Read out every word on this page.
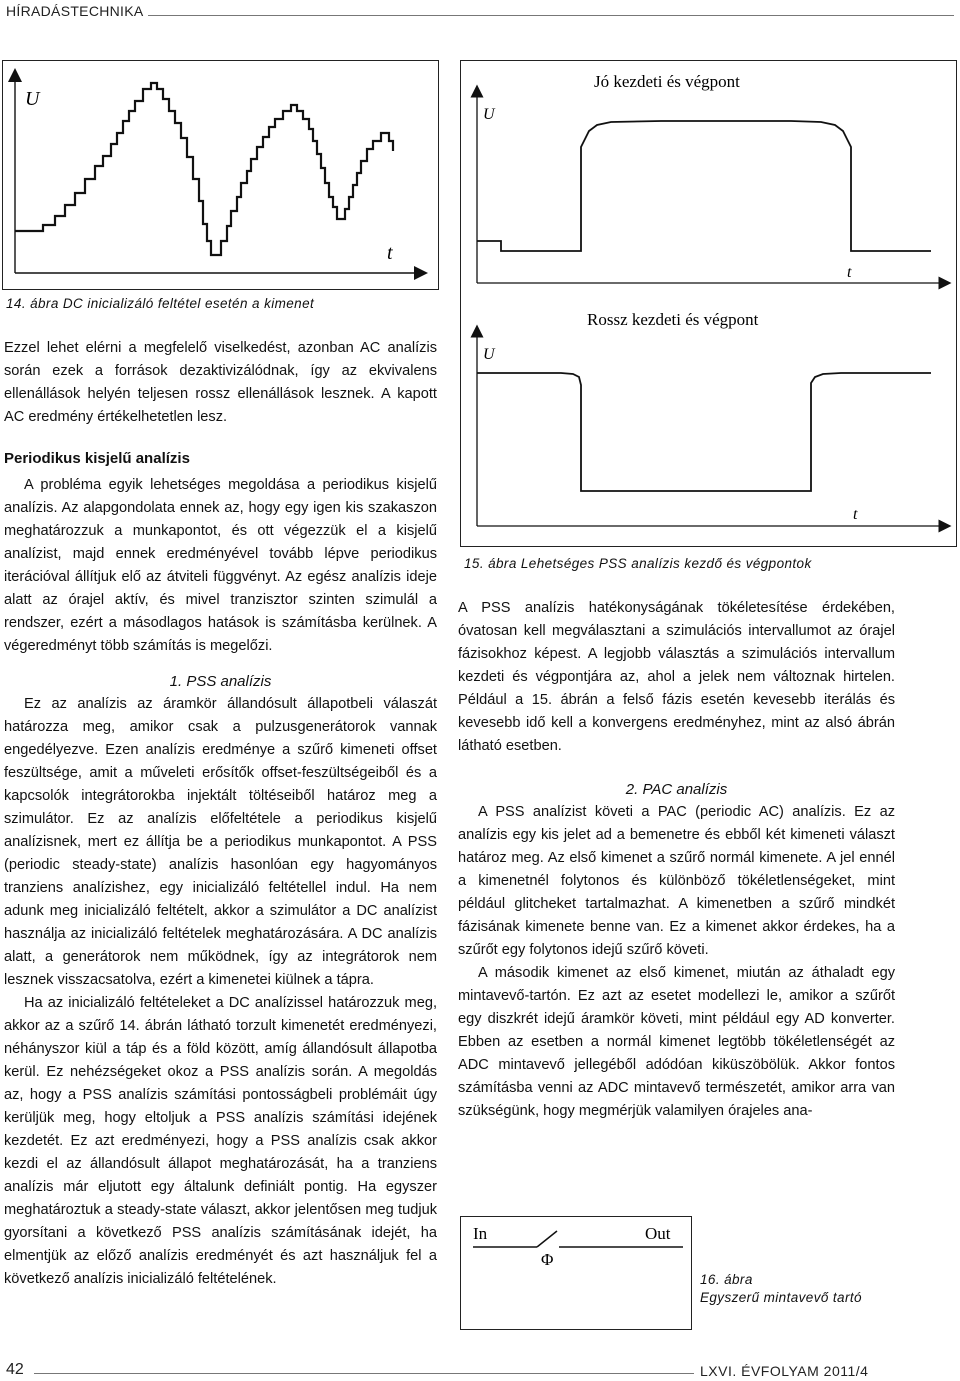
HÍRADÁSTECHNIKA
U
t
14. ábra DC inicializáló feltétel esetén a kimenet

Ezzel lehet elérni a megfelelő viselkedést, azonban AC analízis során ezek a források dezaktivizálódnak, így az ekvivalens ellenállások helyén teljesen rossz ellenállások lesznek. A kapott AC eredmény értékelhetetlen lesz.

Periodikus kisjelű analízis

A probléma egyik lehetséges megoldása a periodikus kisjelű analízis. Az alapgondolata ennek az, hogy egy igen kis szakaszon meghatározzuk a munkapontot, és ott végezzük el a kisjelű analízist, majd ennek eredményével tovább lépve periodikus iterációval állítjuk elő az átviteli függvényt. Az egész analízis ideje alatt az órajel aktív, és mivel tranzisztor szinten szimulál a rendszer, ezért a másodlagos hatások is számításba kerülnek. A végeredményt több számítás is megelőzi.

1. PSS analízis

Ez az analízis az áramkör állandósult állapotbeli válaszát határozza meg, amikor csak a pulzusgenerátorok vannak engedélyezve. Ezen analízis eredménye a szűrő kimeneti offset feszültsége, amit a műveleti erősítők offset-feszültségeiből és a kapcsolók integrátorokba injektált töltéseiből határoz meg a szimulátor. Ez az analízis előfeltétele a periodikus kisjelű analízisnek, mert ez állítja be a periodikus munkapontot. A PSS (periodic steady-state) analízis hasonlóan egy hagyományos tranziens analízishez, egy inicializáló feltétellel indul. Ha nem adunk meg inicializáló feltételt, akkor a szimulátor a DC analízist használja az inicializáló feltételek meghatározására. A DC analízis alatt, a generátorok nem működnek, így az integrátorok nem lesznek visszacsatolva, ezért a kimenetei kiülnek a tápra.

Ha az inicializáló feltételeket a DC analízissel határozzuk meg, akkor az a szűrő 14. ábrán látható torzult kimenetét eredményezi, néhányszor kiül a táp és a föld között, amíg állandósult állapotba kerül. Ez nehézségeket okoz a PSS analízis során. A megoldás az, hogy a PSS analízis számítási pontosságbeli problémáit úgy kerüljük meg, hogy eltoljuk a PSS analízis számítási idejének kezdetét. Ez azt eredményezi, hogy a PSS analízis csak akkor kezdi el az állandósult állapot meghatározását, ha a tranziens analízis már eljutott egy általunk definiált pontig. Ha egyszer meghatároztuk a steady-state választ, akkor jelentősen meg tudjuk gyorsítani a következő PSS analízis számításának idejét, ha elmentjük az előző analízis eredményét és azt használjuk fel a következő analízis inicializáló feltételének.

Jó kezdeti és végpont
U
t
Rossz kezdeti és végpont
U
t
15. ábra Lehetséges PSS analízis kezdő és végpontok

A PSS analízis hatékonyságának tökéletesítése érdekében, óvatosan kell megválasztani a szimulációs intervallumot az órajel fázisokhoz képest. A legjobb választás a szimulációs intervallum kezdeti és végpontjára az, ahol a jelek nem változnak hirtelen. Például a 15. ábrán a felső fázis esetén kevesebb iterálás és kevesebb idő kell a konvergens eredményhez, mint az alsó ábrán látható esetben.

2. PAC analízis

A PSS analízist követi a PAC (periodic AC) analízis. Ez az analízis egy kis jelet ad a bemenetre és ebből két kimeneti választ határoz meg. Az első kimenet a szűrő normál kimenete. A jel ennél a kimenetnél folytonos és különböző tökéletlenségeket, mint például glitcheket tartalmazhat. A kimenetben a szűrő mindkét fázisának kimenete benne van. Ez a kimenet akkor érdekes, ha a szűrőt egy folytonos idejű szűrő követi.

A második kimenet az első kimenet, miután az áthaladt egy mintavevő-tartón. Ez azt az esetet modellezi le, amikor a szűrőt egy diszkrét idejű áramkör követi, mint például egy AD konverter. Ebben az esetben a normál kimenet legtöbb tökéletlenségét az ADC mintavevő jellegéből adódóan kiküszöbölük. Akkor fontos számításba venni az ADC mintavevő természetét, amikor arra van szükségünk, hogy megmérjük valamilyen órajeles ana-

In	Out
Φ
16. ábra
Egyszerű mintavevő tartó
42	LXVI. ÉVFOLYAM 2011/4
